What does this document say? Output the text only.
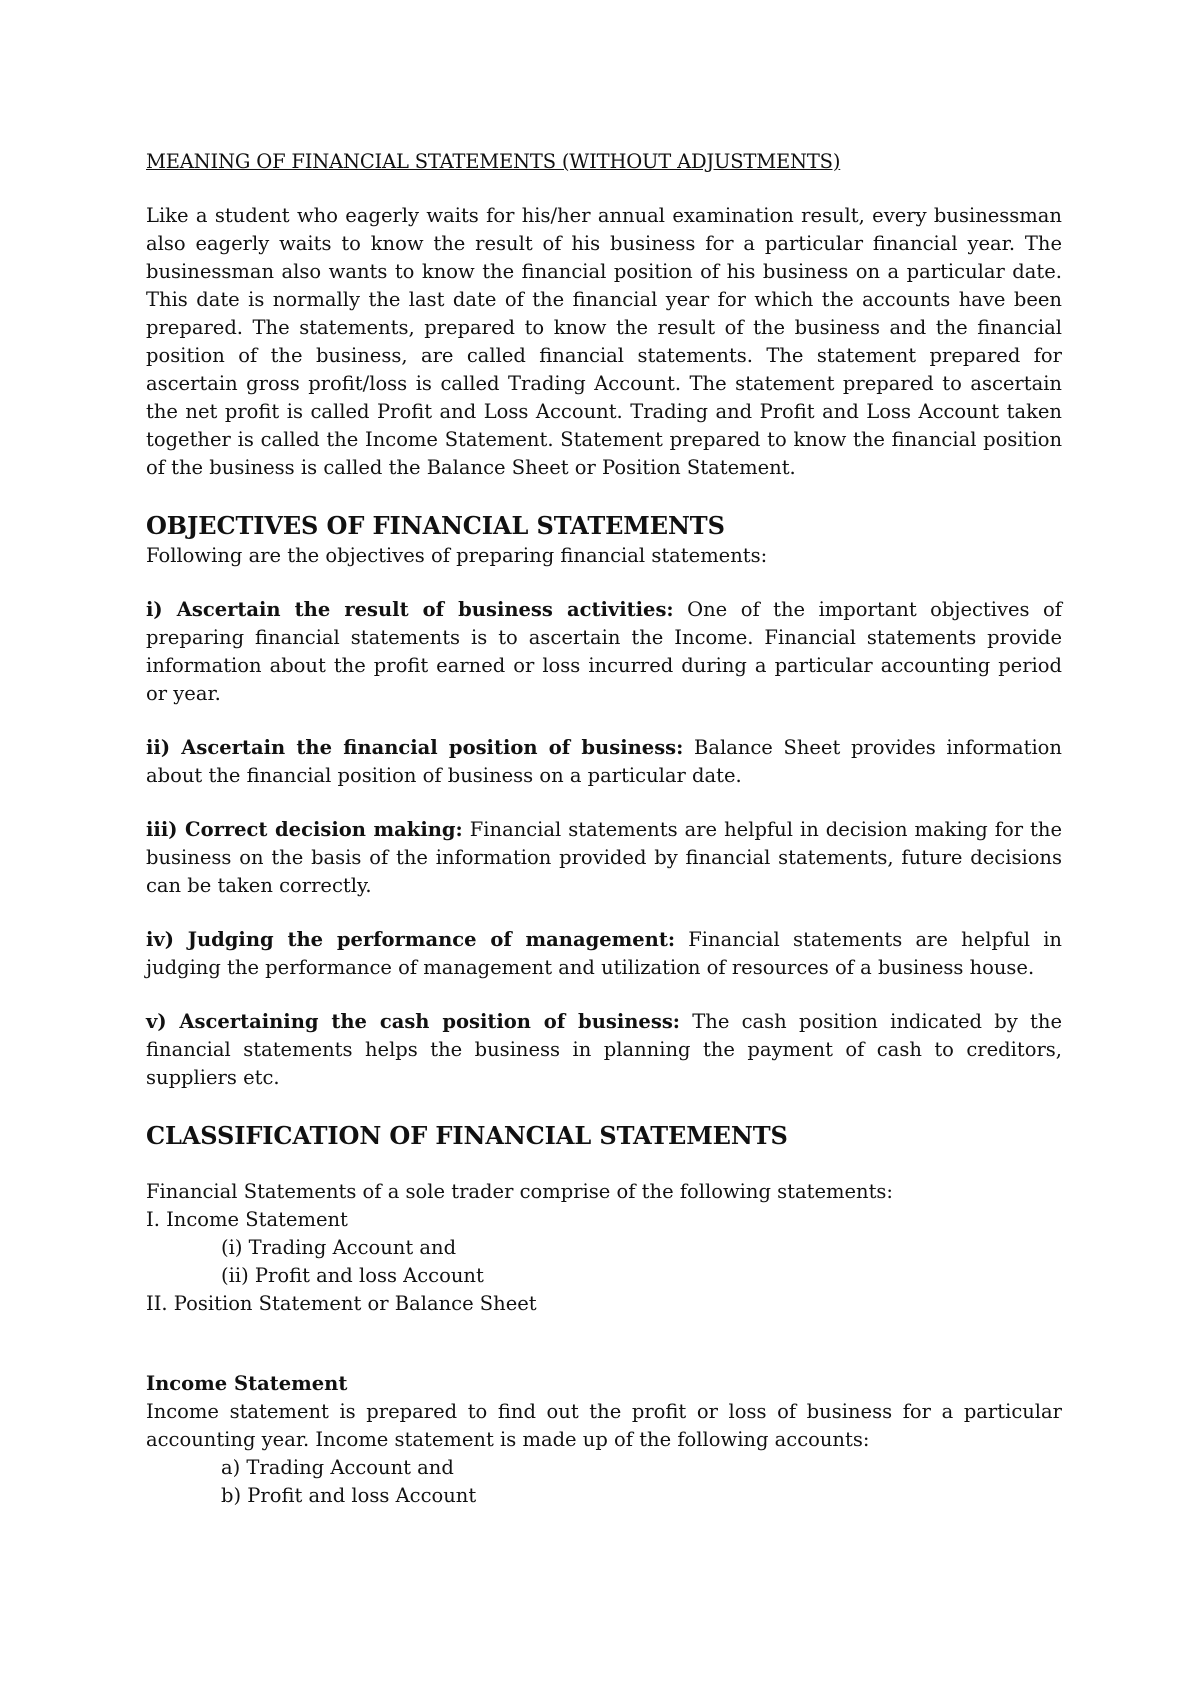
MEANING OF FINANCIAL STATEMENTS (WITHOUT ADJUSTMENTS)

Like a student who eagerly waits for his/her annual examination result, every businessman also eagerly waits to know the result of his business for a particular financial year. The businessman also wants to know the financial position of his business on a particular date. This date is normally the last date of the financial year for which the accounts have been prepared. The statements, prepared to know the result of the business and the financial position of the business, are called financial statements. The statement prepared for ascertain gross profit/loss is called Trading Account. The statement prepared to ascertain the net profit is called Profit and Loss Account. Trading and Profit and Loss Account taken together is called the Income Statement. Statement prepared to know the financial position of the business is called the Balance Sheet or Position Statement.

OBJECTIVES OF FINANCIAL STATEMENTS

Following are the objectives of preparing financial statements:

i) Ascertain the result of business activities: One of the important objectives of preparing financial statements is to ascertain the Income. Financial statements provide information about the profit earned or loss incurred during a particular accounting period or year.

ii) Ascertain the financial position of business: Balance Sheet provides information about the financial position of business on a particular date.

iii) Correct decision making: Financial statements are helpful in decision making for the business on the basis of the information provided by financial statements, future decisions can be taken correctly.

iv) Judging the performance of management: Financial statements are helpful in judging the performance of management and utilization of resources of a business house.

v) Ascertaining the cash position of business: The cash position indicated by the financial statements helps the business in planning the payment of cash to creditors, suppliers etc.

CLASSIFICATION OF FINANCIAL STATEMENTS

Financial Statements of a sole trader comprise of the following statements:

I. Income Statement

(i) Trading Account and

(ii) Profit and loss Account

II. Position Statement or Balance Sheet

Income Statement

Income statement is prepared to find out the profit or loss of business for a particular accounting year. Income statement is made up of the following accounts:

a) Trading Account and

b) Profit and loss Account
